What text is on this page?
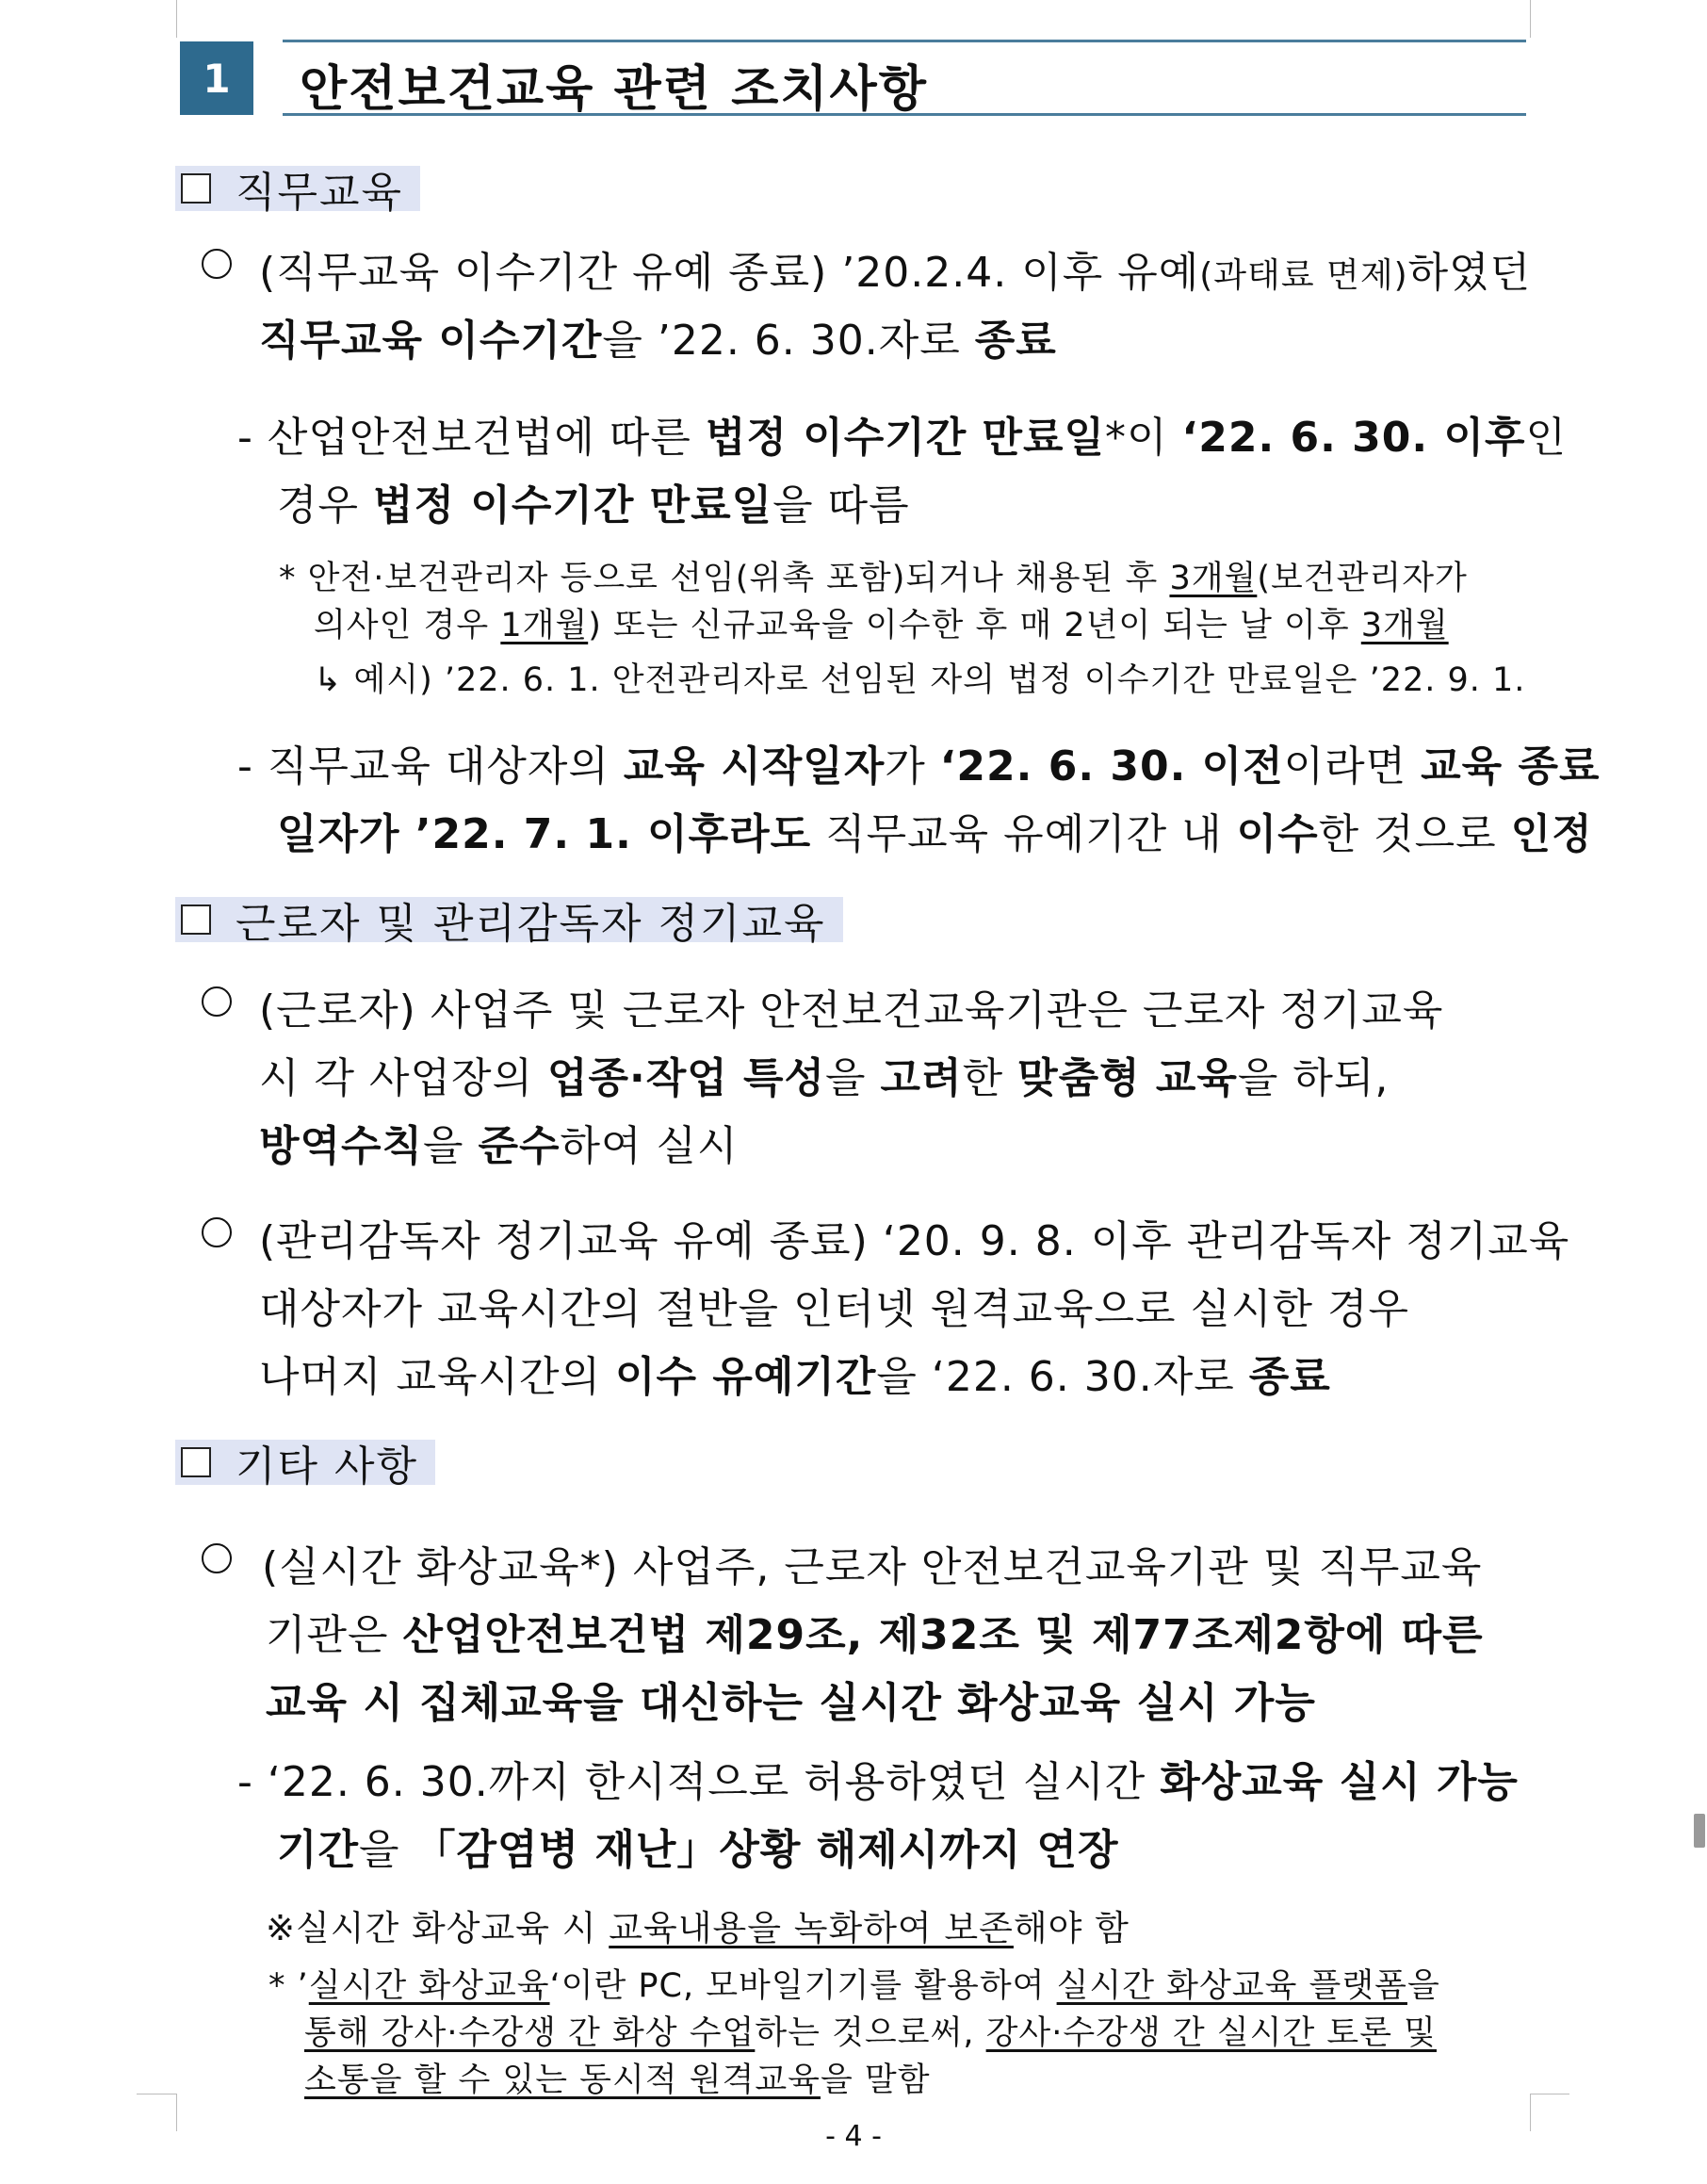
1	안전보건교육 관련 조치사항
직무교육
(직무교육 이수기간 유예 종료) ’20.2.4. 이후 유예(과태료 면제)하였던
직무교육 이수기간을 ’22. 6. 30.자로 종료
- 산업안전보건법에 따른 법정 이수기간 만료일*이 ‘22. 6. 30. 이후인
경우 법정 이수기간 만료일을 따름
* 안전·보건관리자 등으로 선임(위촉 포함)되거나 채용된 후 3개월(보건관리자가
의사인 경우 1개월) 또는 신규교육을 이수한 후 매 2년이 되는 날 이후 3개월
↳ 예시) ’22. 6. 1. 안전관리자로 선임된 자의 법정 이수기간 만료일은 ’22. 9. 1.
- 직무교육 대상자의 교육 시작일자가 ‘22. 6. 30. 이전이라면 교육 종료
일자가 ’22. 7. 1. 이후라도 직무교육 유예기간 내 이수한 것으로 인정
근로자 및 관리감독자 정기교육
(근로자) 사업주 및 근로자 안전보건교육기관은 근로자 정기교육
시 각 사업장의 업종·작업 특성을 고려한 맞춤형 교육을 하되,
방역수칙을 준수하여 실시
(관리감독자 정기교육 유예 종료) ‘20. 9. 8. 이후 관리감독자 정기교육
대상자가 교육시간의 절반을 인터넷 원격교육으로 실시한 경우
나머지 교육시간의 이수 유예기간을 ‘22. 6. 30.자로 종료
기타 사항
(실시간 화상교육*) 사업주, 근로자 안전보건교육기관 및 직무교육
기관은 산업안전보건법 제29조, 제32조 및 제77조제2항에 따른
교육 시 집체교육을 대신하는 실시간 화상교육 실시 가능
- ‘22. 6. 30.까지 한시적으로 허용하였던 실시간 화상교육 실시 가능
기간을 「감염병 재난」상황 해제시까지 연장
※실시간 화상교육 시 교육내용을 녹화하여 보존해야 함
* ’실시간 화상교육‘이란 PC, 모바일기기를 활용하여 실시간 화상교육 플랫폼을
통해 강사·수강생 간 화상 수업하는 것으로써, 강사·수강생 간 실시간 토론 및
소통을 할 수 있는 동시적 원격교육을 말함
- 4 -
